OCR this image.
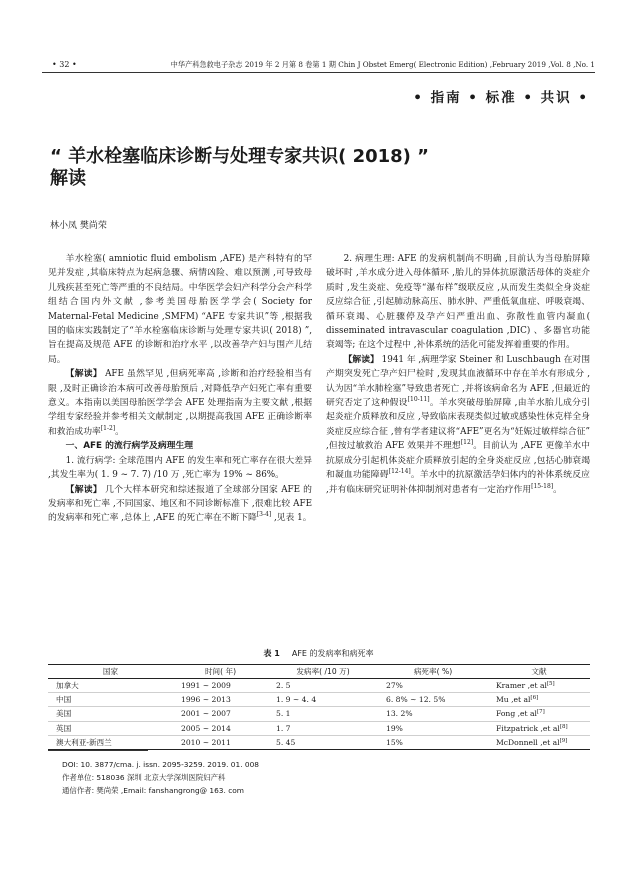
• 32 •	中华产科急救电子杂志 2019 年 2 月第 8 卷第 1 期 Chin J Obstet Emerg( Electronic Edition) ,February 2019 ,Vol. 8 ,No. 1
• 指南 • 标准 • 共识 •
“ 羊水栓塞临床诊断与处理专家共识( 2018) ”
解读
林小凤 樊尚荣

羊水栓塞( amniotic fluid embolism ,AFE) 是产科特有的罕见并发症 ,其临床特点为起病急骤、病情凶险、难以预测 ,可导致母儿残疾甚至死亡等严重的不良结局。中华医学会妇产科学分会产科学组结合国内外文献 ,参考美国母胎医学学会( Society for Maternal-Fetal Medicine ,SMFM) “AFE 专家共识”等 ,根据我国的临床实践制定了“羊水栓塞临床诊断与处理专家共识( 2018) ”,旨在提高及规范 AFE 的诊断和治疗水平 ,以改善孕产妇与围产儿结局。

【解读】 AFE 虽然罕见 ,但病死率高 ,诊断和治疗经验相当有限 ,及时正确诊治本病可改善母胎预后 ,对降低孕产妇死亡率有重要意义。本指南以美国母胎医学学会 AFE 处理指南为主要文献 ,根据学组专家经验并参考相关文献制定 ,以期提高我国 AFE 正确诊断率和救治成功率[1-2]。

一、AFE 的流行病学及病理生理

1. 流行病学: 全球范围内 AFE 的发生率和死亡率存在很大差异 ,其发生率为( 1. 9 ~ 7. 7) /10 万 ,死亡率为 19% ~ 86%。

【解读】 几个大样本研究和综述报道了全球部分国家 AFE 的发病率和死亡率 ,不同国家、地区和不同诊断标准下 ,很难比较 AFE 的发病率和死亡率 ,总体上 ,AFE 的死亡率在不断下降[3-4] ,见表 1。

2. 病理生理: AFE 的发病机制尚不明确 ,目前认为当母胎屏障破坏时 ,羊水成分进入母体循环 ,胎儿的异体抗原激活母体的炎症介质时 ,发生炎症、免疫等“瀑布样”级联反应 ,从而发生类似全身炎症反应综合征 ,引起肺动脉高压、肺水肿、严重低氧血症、呼吸衰竭、循环衰竭、心脏骤停及孕产妇严重出血、弥散性血管内凝血( disseminated intravascular coagulation ,DIC) 、多器官功能衰竭等; 在这个过程中 ,补体系统的活化可能发挥着重要的作用。

【解读】 1941 年 ,病理学家 Steiner 和 Luschbaugh 在对围产期突发死亡孕产妇尸检时 ,发现其血液循环中存在羊水有形成分 ,认为因“羊水肺栓塞”导致患者死亡 ,并将该病命名为 AFE ,但最近的研究否定了这种假设[10-11]。羊水突破母胎屏障 ,由羊水胎儿成分引起炎症介质释放和反应 ,导致临床表现类似过敏或感染性休克样全身炎症反应综合征 ,曾有学者建议将“AFE”更名为“妊娠过敏样综合征” ,但按过敏救治 AFE 效果并不理想[12]。目前认为 ,AFE 更像羊水中抗原成分引起机体炎症介质释放引起的全身炎症反应 ,包括心肺衰竭和凝血功能障碍[12-14]。羊水中的抗原激活孕妇体内的补体系统反应 ,并有临床研究证明补体抑制剂对患者有一定治疗作用[15-18]。

表 1 AFE 的发病率和病死率
国家	时间( 年)	发病率( /10 万)	病死率( %)	文献
加拿大	1991 ~ 2009	2. 5	27%	Kramer ,et al[5]
中国	1996 ~ 2013	1. 9 ~ 4. 4	6. 8% ~ 12. 5%	Mu ,et al[6]
美国	2001 ~ 2007	5. 1	13. 2%	Fong ,et al[7]
英国	2005 ~ 2014	1. 7	19%	Fitzpatrick ,et al[8]
澳大利亚-新西兰	2010 ~ 2011	5. 45	15%	McDonnell ,et al[9]
DOI: 10. 3877/cma. j. issn. 2095-3259. 2019. 01. 008
作者单位: 518036 深圳 北京大学深圳医院妇产科
通信作者: 樊尚荣 ,Email: fanshangrong@ 163. com
